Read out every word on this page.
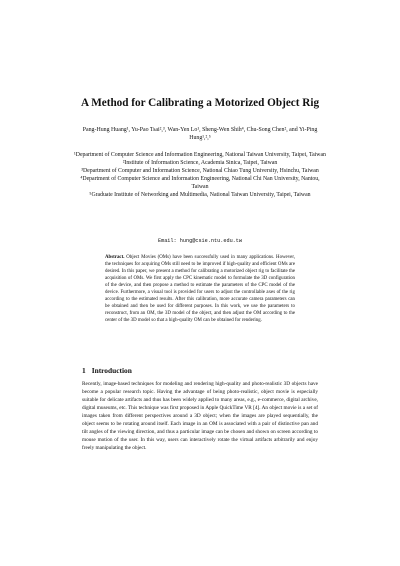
A Method for Calibrating a Motorized Object Rig
Pang-Hung Huang¹, Yu-Pao Tsai²,³, Wan-Yen Lo¹, Sheng-Wen Shih⁴, Chu-Song Chen², and Yi-Ping Hung¹,²,⁵
¹Department of Computer Science and Information Engineering, National Taiwan University, Taipei, Taiwan
²Institute of Information Science, Academia Sinica, Taipei, Taiwan
³Department of Computer and Information Science, National Chiao Tung University, Hsinchu, Taiwan
⁴Department of Computer Science and Information Engineering, National Chi Nan University, Nantou, Taiwan
⁵Graduate Institute of Networking and Multimedia, National Taiwan University, Taipei, Taiwan
Email: hung@csie.ntu.edu.tw
Abstract. Object Movies (OMs) have been successfully used in many applications. However, the techniques for acquiring OMs still need to be improved if high-quality and efficient OMs are desired. In this paper, we present a method for calibrating a motorized object rig to facilitate the acquisition of OMs. We first apply the CPC kinematic model to formulate the 3D configuration of the device, and then propose a method to estimate the parameters of the CPC model of the device. Furthermore, a visual tool is provided for users to adjust the controllable axes of the rig according to the estimated results. After this calibration, more accurate camera parameters can be obtained and then be used for different purposes. In this work, we use the parameters to reconstruct, from an OM, the 3D model of the object, and then adjust the OM according to the center of the 3D model so that a high-quality OM can be obtained for rendering.
1 Introduction
Recently, image-based techniques for modeling and rendering high-quality and photo-realistic 3D objects have become a popular research topic. Having the advantage of being photo-realistic, object movie is especially suitable for delicate artifacts and thus has been widely applied to many areas, e.g., e-commerce, digital archive, digital museums, etc. This technique was first proposed in Apple QuickTime VR [4]. An object movie is a set of images taken from different perspectives around a 3D object; when the images are played sequentially, the object seems to be rotating around itself. Each image in an OM is associated with a pair of distinctive pan and tilt angles of the viewing direction, and thus a particular image can be chosen and shown on screen according to mouse motion of the user. In this way, users can interactively rotate the virtual artifacts arbitrarily and enjoy freely manipulating the object.
